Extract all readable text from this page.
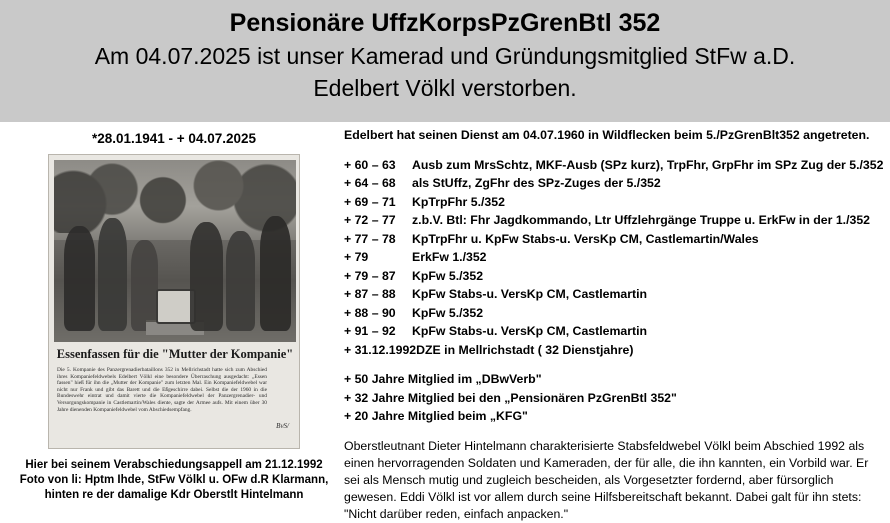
Pensionäre UffzKorpsPzGrenBtl 352
Am 04.07.2025 ist unser Kamerad und Gründungsmitglied StFw a.D.
Edelbert Völkl verstorben.
*28.01.1941 - + 04.07.2025
Essenfassen für die "Mutter der Kompanie"
Die 5. Kompanie des Panzergrenadierbataillons 352 in Mellrichstadt hatte sich zum Abschied ihres Kompaniefeldwebels Edelbert Völkl eine besondere Überraschung ausgedacht: „Essen fassen" hieß für ihn die „Mutter der Kompanie" zum letzten Mal. Ein Kompaniefeldwebel war nicht nur Frank und gibt das Barett und die Eßgeschirre dabei. Selbst die der 1960 in die Bundeswehr eintrat und damit vierte die Kompaniefeldwebel der Panzergrenadier- und Versorgungskompanie in Castlemartin/Wales diente, sagte der Armee aufs. Mit einem über 30 Jahre dienenden Kompaniefeldwebel vom Abschiedsempfang.
BvS/
Hier bei seinem Verabschiedungsappell am 21.12.1992
Foto von li: Hptm Ihde, StFw Völkl u. OFw d.R Klarmann,
hinten re der damalige Kdr Oberstlt Hintelmann
Edelbert hat seinen Dienst am 04.07.1960 in Wildflecken beim 5./PzGrenBlt352 angetreten.
+ 60 – 63 Ausb zum MrsSchtz, MKF-Ausb (SPz kurz), TrpFhr, GrpFhr im SPz Zug der 5./352
+ 64 – 68 als StUffz, ZgFhr des SPz-Zuges der 5./352
+ 69 – 71 KpTrpFhr 5./352
+ 72 – 77 z.b.V. Btl: Fhr Jagdkommando, Ltr Uffzlehrgänge Truppe u. ErkFw in der 1./352
+ 77 – 78 KpTrpFhr u. KpFw Stabs-u. VersKp CM, Castlemartin/Wales
+ 79	ErkFw 1./352
+ 79 – 87 KpFw 5./352
+ 87 – 88 KpFw Stabs-u. VersKp CM, Castlemartin
+ 88 – 90 KpFw 5./352
+ 91 – 92 KpFw Stabs-u. VersKp CM, Castlemartin
+ 31.12.1992DZE in Mellrichstadt ( 32 Dienstjahre)
+ 50 Jahre Mitglied im „DBwVerb"
+ 32 Jahre Mitglied bei den „Pensionären PzGrenBtl 352"
+ 20 Jahre Mitglied beim „KFG"
Oberstleutnant Dieter Hintelmann charakterisierte Stabsfeldwebel Völkl beim Abschied 1992 als einen hervorragenden Soldaten und Kameraden, der für alle, die ihn kannten, ein Vorbild war. Er sei als Mensch mutig und zugleich bescheiden, als Vorgesetzter fordernd, aber fürsorglich gewesen. Eddi Völkl ist vor allem durch seine Hilfsbereitschaft bekannt. Dabei galt für ihn stets: "Nicht darüber reden, einfach anpacken."
